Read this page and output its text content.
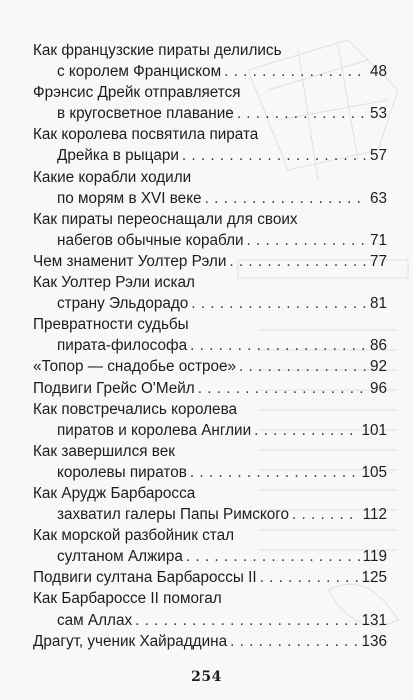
Как французские пираты делились
с королем Франциском . . .	48
Фрэнсис Дрейк отправляется
в кругосветное плавание . . .	53
Как королева посвятила пирата
Дрейка в рыцари . . .	57
Какие корабли ходили
по морям в XVI веке . . .	63
Как пираты переоснащали для своих
набегов обычные корабли . . .	71
Чем знаменит Уолтер Рэли . . .	77
Как Уолтер Рэли искал
страну Эльдорадо . . .	81
Превратности судьбы
пирата-философа . . .	86
«Топор — снадобье острое» . . .	92
Подвиги Грейс О'Мейл . . .	96
Как повстречались королева
пиратов и королева Англии . . .	101
Как завершился век
королевы пиратов . . .	105
Как Арудж Барбаросса
захватил галеры Папы Римского . . .	112
Как морской разбойник стал
султаном Алжира . . .	119
Подвиги султана Барбароссы II . . .	125
Как Барбароссе II помогал
сам Аллах . . .	131
Драгут, ученик Хайраддина . . .	136
254
